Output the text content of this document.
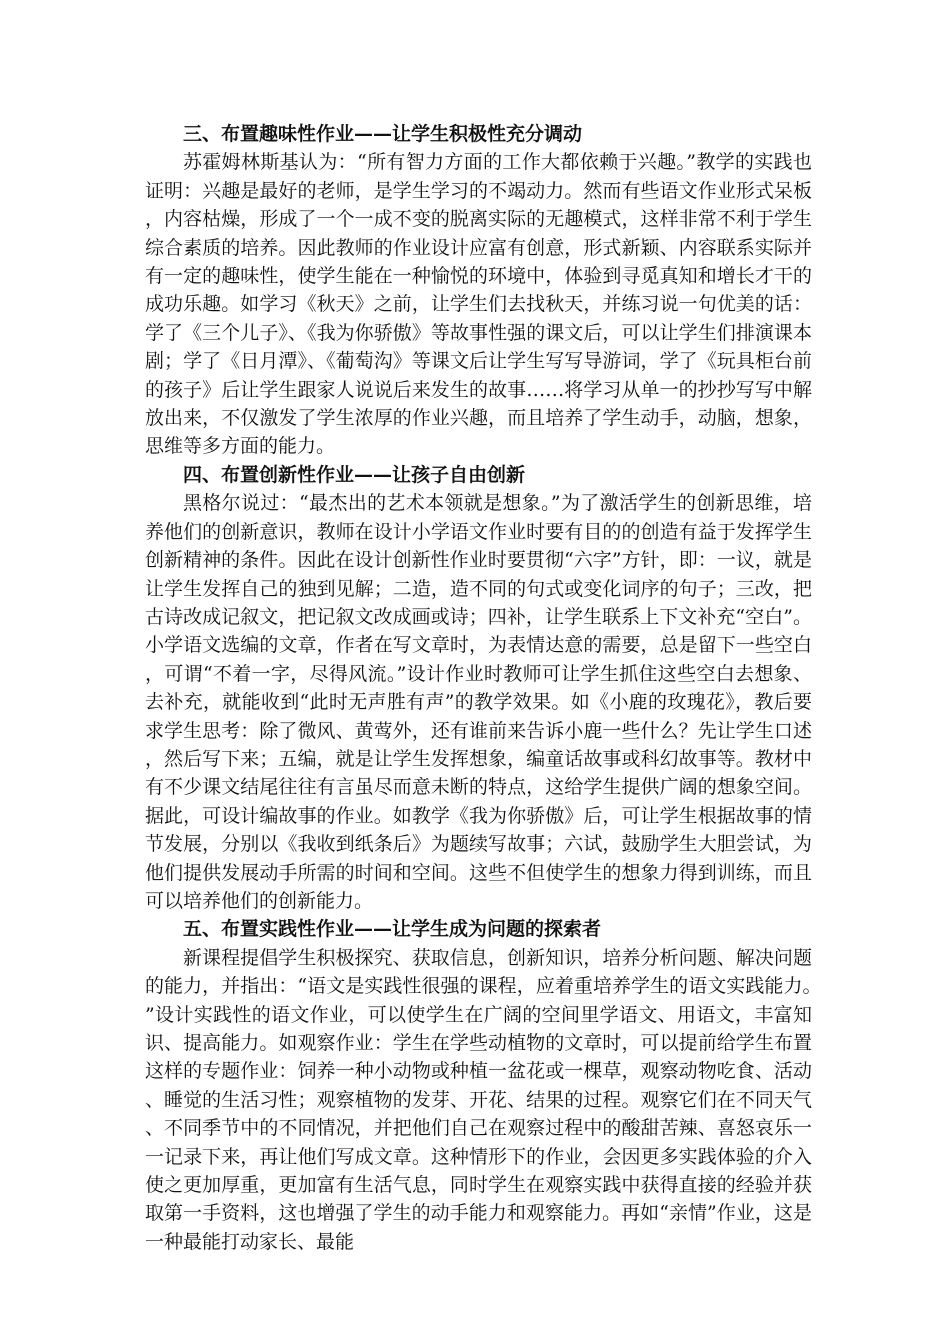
三、布置趣味性作业——让学生积极性充分调动

苏霍姆林斯基认为：“所有智力方面的工作大都依赖于兴趣。”教学的实践也证明：兴趣是最好的老师，是学生学习的不竭动力。然而有些语文作业形式呆板，内容枯燥，形成了一个一成不变的脱离实际的无趣模式，这样非常不利于学生综合素质的培养。因此教师的作业设计应富有创意，形式新颖、内容联系实际并有一定的趣味性，使学生能在一种愉悦的环境中，体验到寻觅真知和增长才干的成功乐趣。如学习《秋天》之前，让学生们去找秋天，并练习说一句优美的话：学了《三个儿子》、《我为你骄傲》等故事性强的课文后，可以让学生们排演课本剧；学了《日月潭》、《葡萄沟》等课文后让学生写写导游词，学了《玩具柜台前的孩子》后让学生跟家人说说后来发生的故事……将学习从单一的抄抄写写中解放出来，不仅激发了学生浓厚的作业兴趣，而且培养了学生动手，动脑，想象，思维等多方面的能力。

四、布置创新性作业——让孩子自由创新

黑格尔说过：“最杰出的艺术本领就是想象。”为了激活学生的创新思维，培养他们的创新意识，教师在设计小学语文作业时要有目的的创造有益于发挥学生创新精神的条件。因此在设计创新性作业时要贯彻“六字”方针，即：一议，就是让学生发挥自己的独到见解；二造，造不同的句式或变化词序的句子；三改，把古诗改成记叙文，把记叙文改成画或诗；四补，让学生联系上下文补充“空白”。小学语文选编的文章，作者在写文章时，为表情达意的需要，总是留下一些空白，可谓“不着一字，尽得风流。”设计作业时教师可让学生抓住这些空白去想象、去补充，就能收到“此时无声胜有声”的教学效果。如《小鹿的玫瑰花》，教后要求学生思考：除了微风、黄莺外，还有谁前来告诉小鹿一些什么？先让学生口述，然后写下来；五编，就是让学生发挥想象，编童话故事或科幻故事等。教材中有不少课文结尾往往有言虽尽而意未断的特点，这给学生提供广阔的想象空间。据此，可设计编故事的作业。如教学《我为你骄傲》后，可让学生根据故事的情节发展，分别以《我收到纸条后》为题续写故事；六试，鼓励学生大胆尝试，为他们提供发展动手所需的时间和空间。这些不但使学生的想象力得到训练，而且可以培养他们的创新能力。

五、布置实践性作业——让学生成为问题的探索者

新课程提倡学生积极探究、获取信息，创新知识，培养分析问题、解决问题的能力，并指出：“语文是实践性很强的课程，应着重培养学生的语文实践能力。”设计实践性的语文作业，可以使学生在广阔的空间里学语文、用语文，丰富知识、提高能力。如观察作业：学生在学些动植物的文章时，可以提前给学生布置这样的专题作业：饲养一种小动物或种植一盆花或一棵草，观察动物吃食、活动、睡觉的生活习性；观察植物的发芽、开花、结果的过程。观察它们在不同天气、不同季节中的不同情况，并把他们自己在观察过程中的酸甜苦辣、喜怒哀乐一一记录下来，再让他们写成文章。这种情形下的作业，会因更多实践体验的介入使之更加厚重，更加富有生活气息，同时学生在观察实践中获得直接的经验并获取第一手资料，这也增强了学生的动手能力和观察能力。再如“亲情”作业，这是一种最能打动家长、最能
